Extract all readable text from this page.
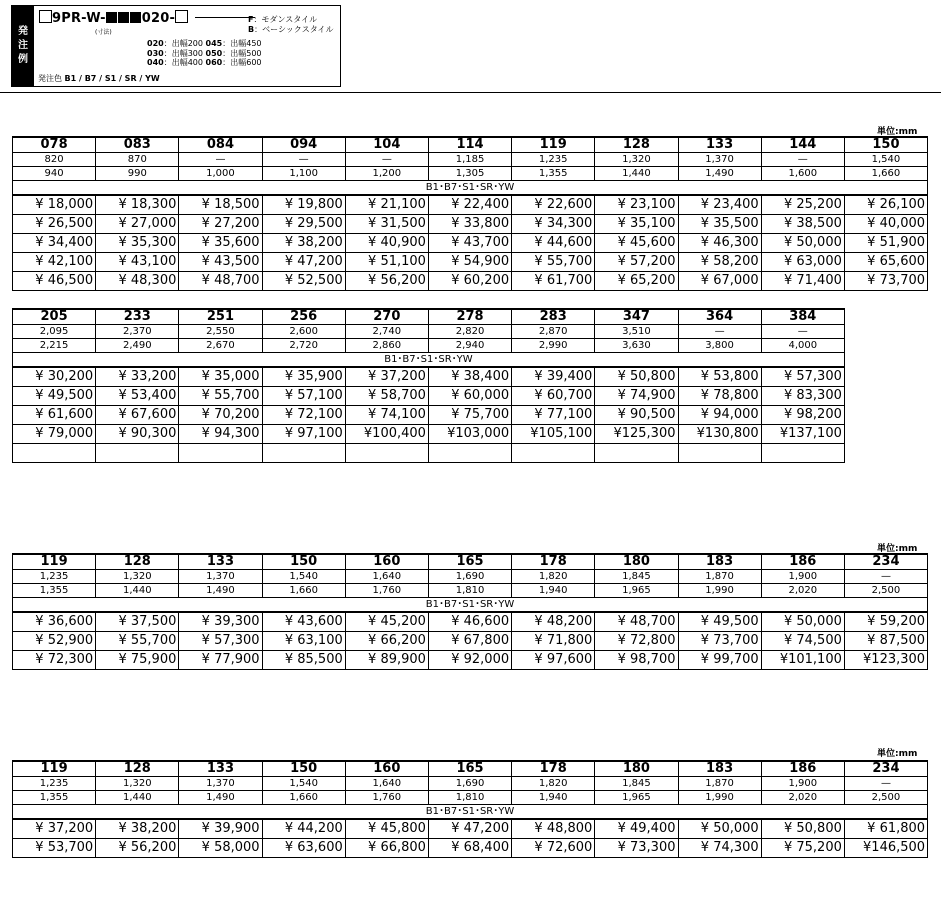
発
注
例
9PR-W-	020-
(寸法)
F：モダンスタイル
B：ベーシックスタイル
020：出幅200 045：出幅450
030：出幅300 050：出幅500
040：出幅400 060：出幅600
発注色 B1 / B7 / S1 / SR / YW
単位:mm
単位:mm
単位:mm
078	083	084	094	104	114	119	128	133	144	150
820	870	—	—	—	1,185	1,235	1,320	1,370	—	1,540
940	990	1,000	1,100	1,200	1,305	1,355	1,440	1,490	1,600	1,660
B1･B7･S1･SR･YW										
¥ 18,000	¥ 18,300	¥ 18,500	¥ 19,800	¥ 21,100	¥ 22,400	¥ 22,600	¥ 23,100	¥ 23,400	¥ 25,200	¥ 26,100
¥ 26,500	¥ 27,000	¥ 27,200	¥ 29,500	¥ 31,500	¥ 33,800	¥ 34,300	¥ 35,100	¥ 35,500	¥ 38,500	¥ 40,000
¥ 34,400	¥ 35,300	¥ 35,600	¥ 38,200	¥ 40,900	¥ 43,700	¥ 44,600	¥ 45,600	¥ 46,300	¥ 50,000	¥ 51,900
¥ 42,100	¥ 43,100	¥ 43,500	¥ 47,200	¥ 51,100	¥ 54,900	¥ 55,700	¥ 57,200	¥ 58,200	¥ 63,000	¥ 65,600
¥ 46,500	¥ 48,300	¥ 48,700	¥ 52,500	¥ 56,200	¥ 60,200	¥ 61,700	¥ 65,200	¥ 67,000	¥ 71,400	¥ 73,700
205	233	251	256	270	278	283	347	364	384
2,095	2,370	2,550	2,600	2,740	2,820	2,870	3,510	—	—
2,215	2,490	2,670	2,720	2,860	2,940	2,990	3,630	3,800	4,000
B1･B7･S1･SR･YW									
¥ 30,200	¥ 33,200	¥ 35,000	¥ 35,900	¥ 37,200	¥ 38,400	¥ 39,400	¥ 50,800	¥ 53,800	¥ 57,300
¥ 49,500	¥ 53,400	¥ 55,700	¥ 57,100	¥ 58,700	¥ 60,000	¥ 60,700	¥ 74,900	¥ 78,800	¥ 83,300
¥ 61,600	¥ 67,600	¥ 70,200	¥ 72,100	¥ 74,100	¥ 75,700	¥ 77,100	¥ 90,500	¥ 94,000	¥ 98,200
¥ 79,000	¥ 90,300	¥ 94,300	¥ 97,100	¥100,400	¥103,000	¥105,100	¥125,300	¥130,800	¥137,100

119	128	133	150	160	165	178	180	183	186	234
1,235	1,320	1,370	1,540	1,640	1,690	1,820	1,845	1,870	1,900	—
1,355	1,440	1,490	1,660	1,760	1,810	1,940	1,965	1,990	2,020	2,500
B1･B7･S1･SR･YW										
¥ 36,600	¥ 37,500	¥ 39,300	¥ 43,600	¥ 45,200	¥ 46,600	¥ 48,200	¥ 48,700	¥ 49,500	¥ 50,000	¥ 59,200
¥ 52,900	¥ 55,700	¥ 57,300	¥ 63,100	¥ 66,200	¥ 67,800	¥ 71,800	¥ 72,800	¥ 73,700	¥ 74,500	¥ 87,500
¥ 72,300	¥ 75,900	¥ 77,900	¥ 85,500	¥ 89,900	¥ 92,000	¥ 97,600	¥ 98,700	¥ 99,700	¥101,100	¥123,300
119	128	133	150	160	165	178	180	183	186	234
1,235	1,320	1,370	1,540	1,640	1,690	1,820	1,845	1,870	1,900	—
1,355	1,440	1,490	1,660	1,760	1,810	1,940	1,965	1,990	2,020	2,500
B1･B7･S1･SR･YW										
¥ 37,200	¥ 38,200	¥ 39,900	¥ 44,200	¥ 45,800	¥ 47,200	¥ 48,800	¥ 49,400	¥ 50,000	¥ 50,800	¥ 61,800
¥ 53,700	¥ 56,200	¥ 58,000	¥ 63,600	¥ 66,800	¥ 68,400	¥ 72,600	¥ 73,300	¥ 74,300	¥ 75,200	¥146,500
